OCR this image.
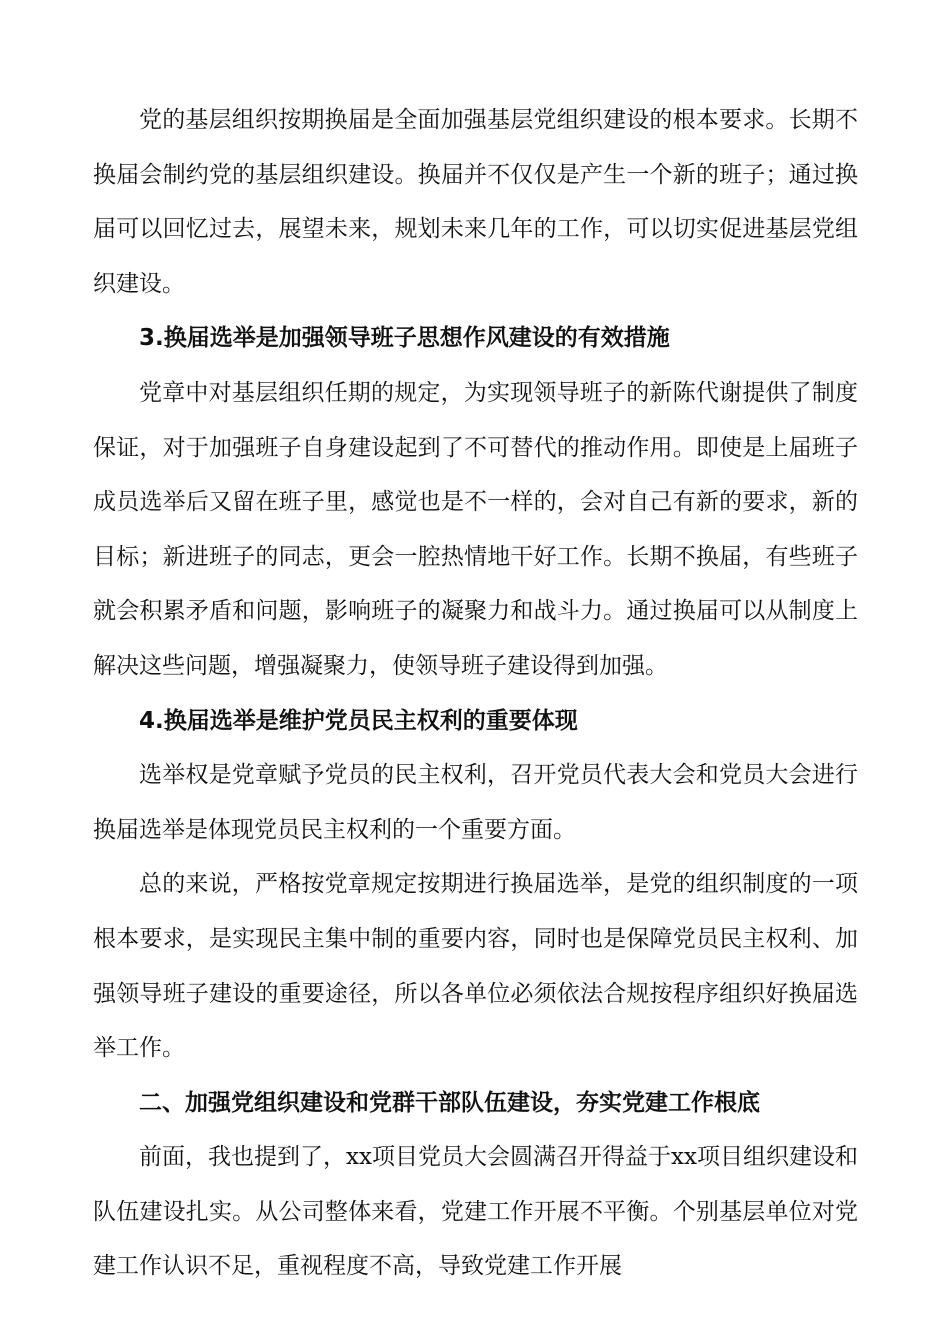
党的基层组织按期换届是全面加强基层党组织建设的根本要求。长期不换届会制约党的基层组织建设。换届并不仅仅是产生一个新的班子；通过换届可以回忆过去，展望未来，规划未来几年的工作，可以切实促进基层党组织建设。

3.换届选举是加强领导班子思想作风建设的有效措施

党章中对基层组织任期的规定，为实现领导班子的新陈代谢提供了制度保证，对于加强班子自身建设起到了不可替代的推动作用。即使是上届班子成员选举后又留在班子里，感觉也是不一样的，会对自己有新的要求，新的目标；新进班子的同志，更会一腔热情地干好工作。长期不换届，有些班子就会积累矛盾和问题，影响班子的凝聚力和战斗力。通过换届可以从制度上解决这些问题，增强凝聚力，使领导班子建设得到加强。

4.换届选举是维护党员民主权利的重要体现

选举权是党章赋予党员的民主权利，召开党员代表大会和党员大会进行换届选举是体现党员民主权利的一个重要方面。

总的来说，严格按党章规定按期进行换届选举，是党的组织制度的一项根本要求，是实现民主集中制的重要内容，同时也是保障党员民主权利、加强领导班子建设的重要途径，所以各单位必须依法合规按程序组织好换届选举工作。

二、加强党组织建设和党群干部队伍建设，夯实党建工作根底

前面，我也提到了，xx项目党员大会圆满召开得益于xx项目组织建设和队伍建设扎实。从公司整体来看，党建工作开展不平衡。个别基层单位对党建工作认识不足，重视程度不高，导致党建工作开展
